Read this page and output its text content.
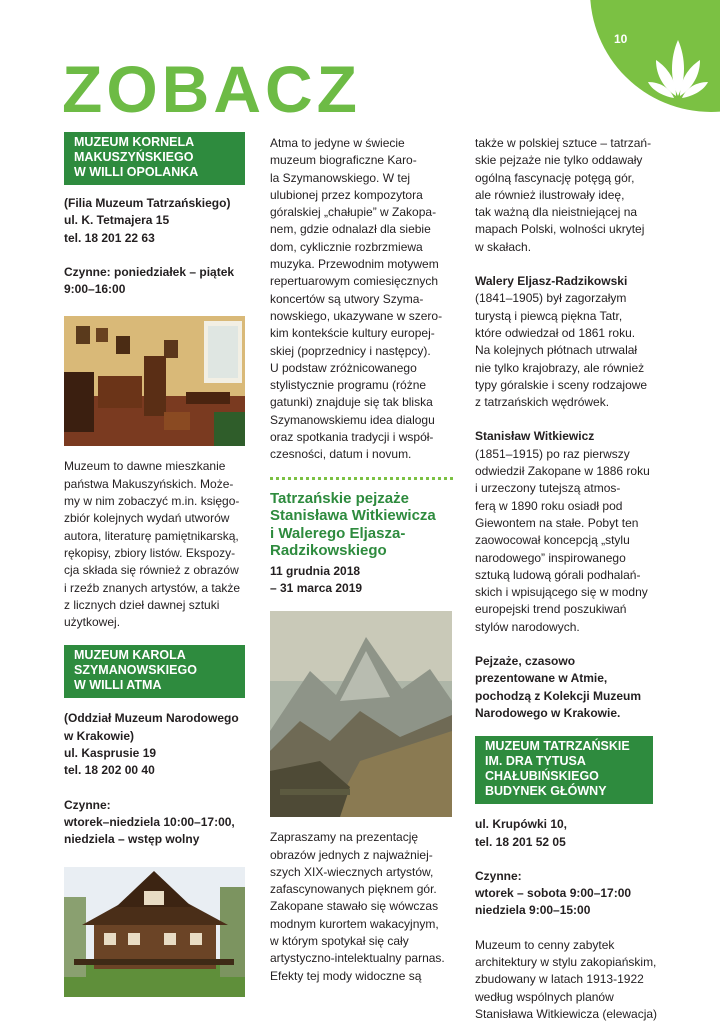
10
ZOBACZ
MUZEUM KORNELA
MAKUSZYŃSKIEGO
W WILLI OPOLANKA

(Filia Muzeum Tatrzańskiego)

ul. K. Tetmajera 15

tel. 18 201 22 63

Czynne: poniedziałek – piątek

9:00–16:00

Muzeum to dawne mieszkanie

państwa Makuszyńskich. Może-

my w nim zobaczyć m.in. księgo-

zbiór kolejnych wydań utworów

autora, literaturę pamiętnikarską,

rękopisy, zbiory listów. Ekspozy-

cja składa się również z obrazów

i rzeźb znanych artystów, a także

z licznych dzieł dawnej sztuki

użytkowej.

MUZEUM KAROLA
SZYMANOWSKIEGO
W WILLI ATMA

(Oddział Muzeum Narodowego

w Krakowie)

ul. Kasprusie 19

tel. 18 202 00 40

Czynne:

wtorek–niedziela 10:00–17:00,

niedziela – wstęp wolny

Atma to jedyne w świecie

muzeum biograficzne Karo-

la Szymanowskiego. W tej

ulubionej przez kompozytora

góralskiej „chałupie” w Zakopa-

nem, gdzie odnalazł dla siebie

dom, cyklicznie rozbrzmiewa

muzyka. Przewodnim motywem

repertuarowym comiesięcznych

koncertów są utwory Szyma-

nowskiego, ukazywane w szero-

kim kontekście kultury europej-

skiej (poprzednicy i następcy).

U podstaw zróżnicowanego

stylistycznie programu (różne

gatunki) znajduje się tak bliska

Szymanowskiemu idea dialogu

oraz spotkania tradycji i współ-

czesności, datum i novum.

Tatrzańskie pejzaże

Stanisława Witkiewicza

i Walerego Eljasza-

Radzikowskiego

11 grudnia 2018

– 31 marca 2019

Zapraszamy na prezentację

obrazów jednych z najważniej-

szych XIX-wiecznych artystów,

zafascynowanych pięknem gór.

Zakopane stawało się wówczas

modnym kurortem wakacyjnym,

w którym spotykał się cały

artystyczno-intelektualny parnas.

Efekty tej mody widoczne są

także w polskiej sztuce – tatrzań-

skie pejzaże nie tylko oddawały

ogólną fascynację potęgą gór,

ale również ilustrowały ideę,

tak ważną dla nieistniejącej na

mapach Polski, wolności ukrytej

w skałach.

Walery Eljasz-Radzikowski

(1841–1905) był zagorzałym

turystą i piewcą piękna Tatr,

które odwiedzał od 1861 roku.

Na kolejnych płótnach utrwalał

nie tylko krajobrazy, ale również

typy góralskie i sceny rodzajowe

z tatrzańskich wędrówek.

Stanisław Witkiewicz

(1851–1915) po raz pierwszy

odwiedził Zakopane w 1886 roku

i urzeczony tutejszą atmos-

ferą w 1890 roku osiadł pod

Giewontem na stałe. Pobyt ten

zaowocował koncepcją „stylu

narodowego” inspirowanego

sztuką ludową górali podhalań-

skich i wpisującego się w modny

europejski trend poszukiwań

stylów narodowych.

Pejzaże, czasowo

prezentowane w Atmie,

pochodzą z Kolekcji Muzeum

Narodowego w Krakowie.

MUZEUM TATRZAŃSKIE
IM. DRA TYTUSA
CHAŁUBIŃSKIEGO
BUDYNEK GŁÓWNY

ul. Krupówki 10,

tel. 18 201 52 05

Czynne:

wtorek – sobota 9:00–17:00

niedziela 9:00–15:00

Muzeum to cenny zabytek

architektury w stylu zakopiańskim,

zbudowany w latach 1913-1922

według wspólnych planów

Stanisława Witkiewicza (elewacja)
